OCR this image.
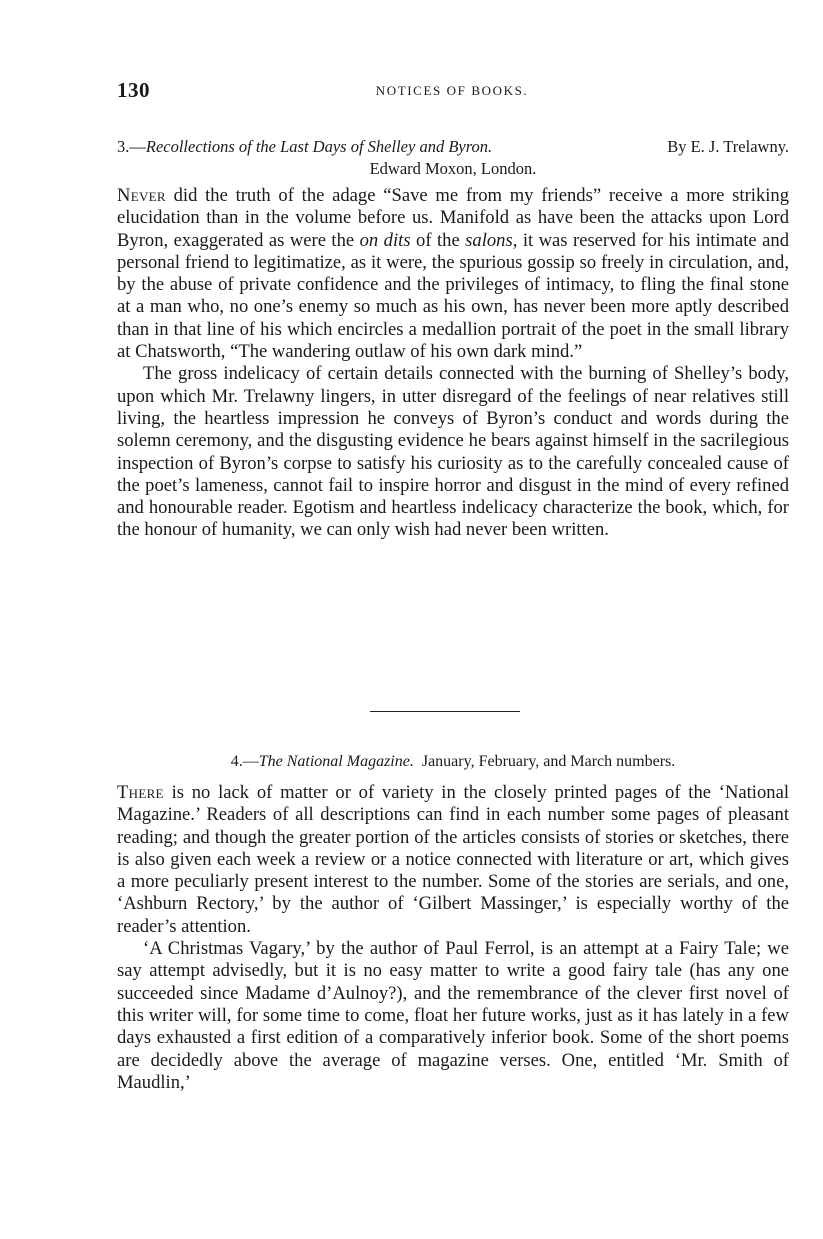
130	NOTICES OF BOOKS.
3.—Recollections of the Last Days of Shelley and Byron.	By E. J. Trelawny.
Edward Moxon, London.

Never did the truth of the adage “Save me from my friends” receive a more striking elucidation than in the volume before us. Manifold as have been the attacks upon Lord Byron, exaggerated as were the on dits of the salons, it was reserved for his intimate and personal friend to legitimatize, as it were, the spurious gossip so freely in circulation, and, by the abuse of private confidence and the privileges of intimacy, to fling the final stone at a man who, no one’s enemy so much as his own, has never been more aptly described than in that line of his which encircles a medallion portrait of the poet in the small library at Chatsworth, “The wandering outlaw of his own dark mind.”

The gross indelicacy of certain details connected with the burning of Shelley’s body, upon which Mr. Trelawny lingers, in utter disregard of the feelings of near relatives still living, the heartless impression he conveys of Byron’s conduct and words during the solemn ceremony, and the disgusting evidence he bears against himself in the sacrilegious inspection of Byron’s corpse to satisfy his curiosity as to the carefully concealed cause of the poet’s lameness, cannot fail to inspire horror and disgust in the mind of every refined and honourable reader. Egotism and heartless indelicacy characterize the book, which, for the honour of humanity, we can only wish had never been written.

4.—The National Magazine. January, February, and March numbers.

There is no lack of matter or of variety in the closely printed pages of the ‘National Magazine.’ Readers of all descriptions can find in each number some pages of pleasant reading; and though the greater portion of the articles consists of stories or sketches, there is also given each week a review or a notice connected with literature or art, which gives a more peculiarly present interest to the number. Some of the stories are serials, and one, ‘Ashburn Rectory,’ by the author of ‘Gilbert Massinger,’ is especially worthy of the reader’s attention.

‘A Christmas Vagary,’ by the author of Paul Ferrol, is an attempt at a Fairy Tale; we say attempt advisedly, but it is no easy matter to write a good fairy tale (has any one succeeded since Madame d’Aulnoy?), and the remembrance of the clever first novel of this writer will, for some time to come, float her future works, just as it has lately in a few days exhausted a first edition of a comparatively inferior book. Some of the short poems are decidedly above the average of magazine verses. One, entitled ‘Mr. Smith of Maudlin,’
